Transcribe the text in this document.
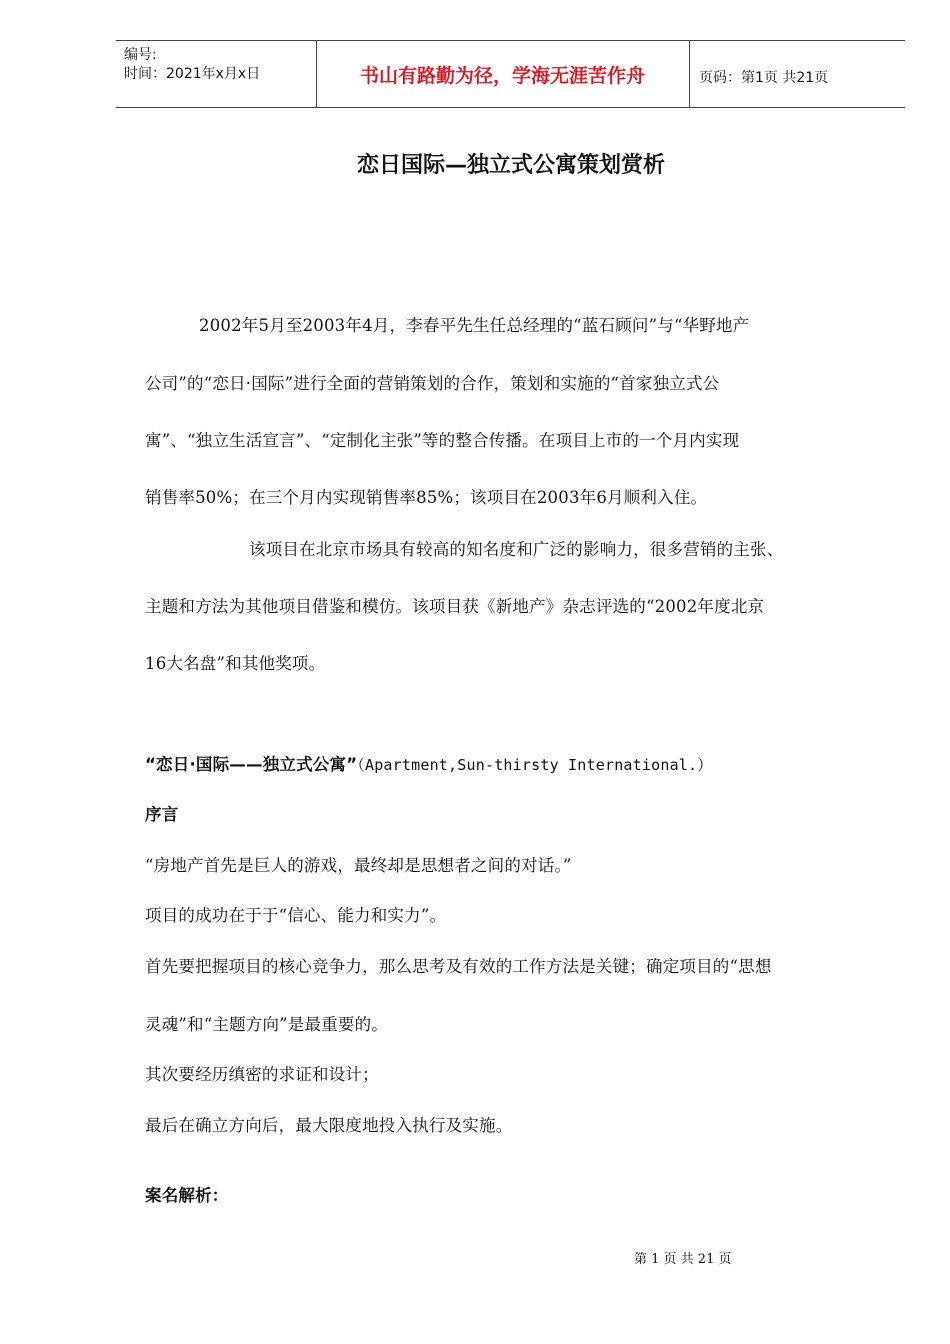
编号:
时间：2021年x月x日	书山有路勤为径，学海无涯苦作舟	页码：第1页 共21页
恋日国际—独立式公寓策划赏析
2002年5月至2003年4月，李春平先生任总经理的“蓝石顾问”与“华野地产
公司”的“恋日·国际”进行全面的营销策划的合作，策划和实施的“首家独立式公
寓”、“独立生活宣言”、“定制化主张”等的整合传播。在项目上市的一个月内实现
销售率50%；在三个月内实现销售率85%；该项目在2003年6月顺利入住。
该项目在北京市场具有较高的知名度和广泛的影响力，很多营销的主张、
主题和方法为其他项目借鉴和模仿。该项目获《新地产》杂志评选的“2002年度北京
16大名盘”和其他奖项。
“恋日·国际——独立式公寓”（Apartment,Sun-thirsty International.）
序言
“房地产首先是巨人的游戏，最终却是思想者之间的对话。”
项目的成功在于于“信心、能力和实力”。
首先要把握项目的核心竞争力，那么思考及有效的工作方法是关键；确定项目的“思想
灵魂”和“主题方向”是最重要的。
其次要经历缜密的求证和设计；
最后在确立方向后，最大限度地投入执行及实施。
案名解析：
第 1 页 共 21 页
